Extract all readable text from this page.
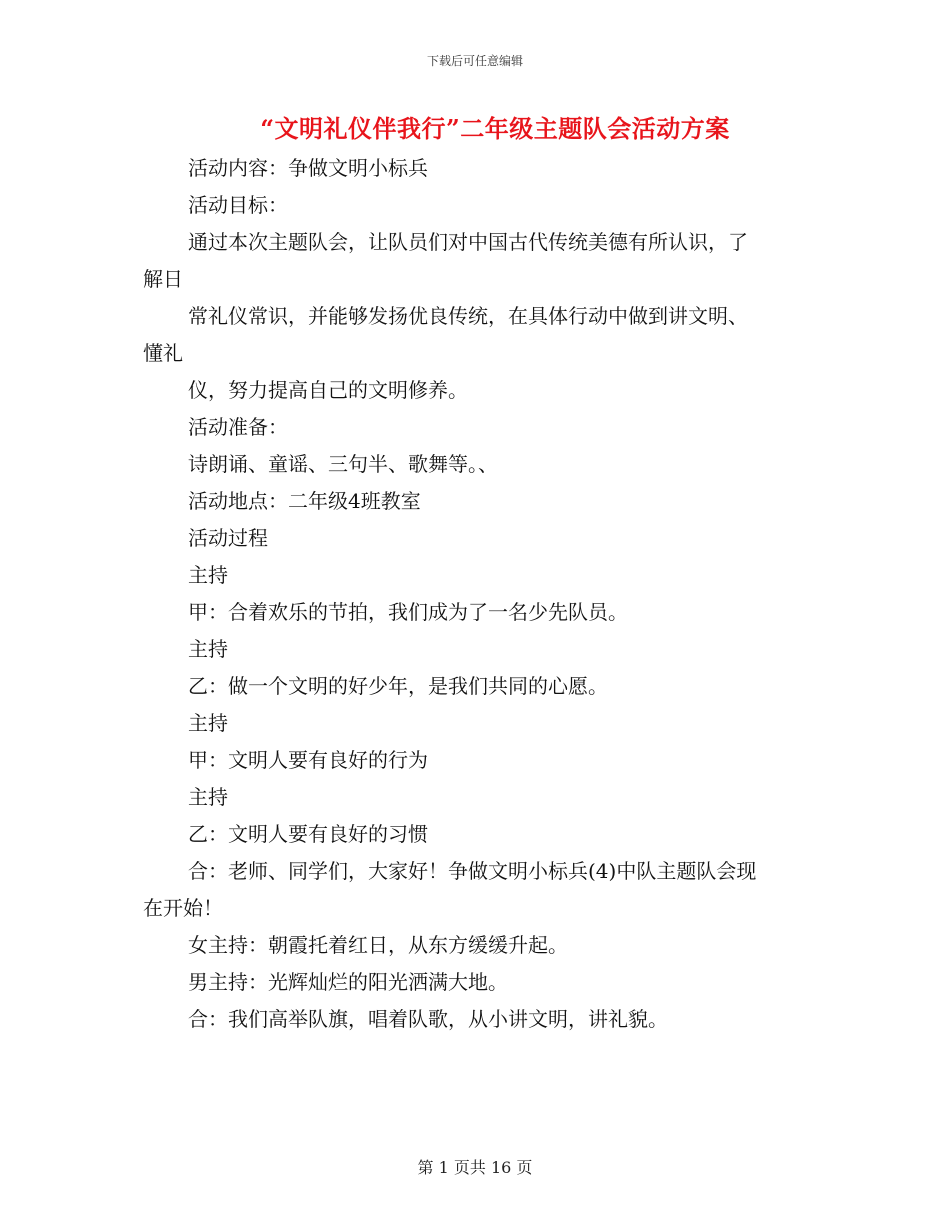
下载后可任意编辑
“文明礼仪伴我行”二年级主题队会活动方案

活动内容：争做文明小标兵

活动目标：

通过本次主题队会，让队员们对中国古代传统美德有所认识，了

解日

常礼仪常识，并能够发扬优良传统，在具体行动中做到讲文明、

懂礼

仪，努力提高自己的文明修养。

活动准备：

诗朗诵、童谣、三句半、歌舞等。、

活动地点：二年级4班教室

活动过程

主持

甲：合着欢乐的节拍，我们成为了一名少先队员。

主持

乙：做一个文明的好少年，是我们共同的心愿。

主持

甲：文明人要有良好的行为

主持

乙：文明人要有良好的习惯

合：老师、同学们，大家好！争做文明小标兵(4)中队主题队会现

在开始！

女主持：朝霞托着红日，从东方缓缓升起。

男主持：光辉灿烂的阳光洒满大地。

合：我们高举队旗，唱着队歌，从小讲文明，讲礼貌。

第 1 页共 16 页
